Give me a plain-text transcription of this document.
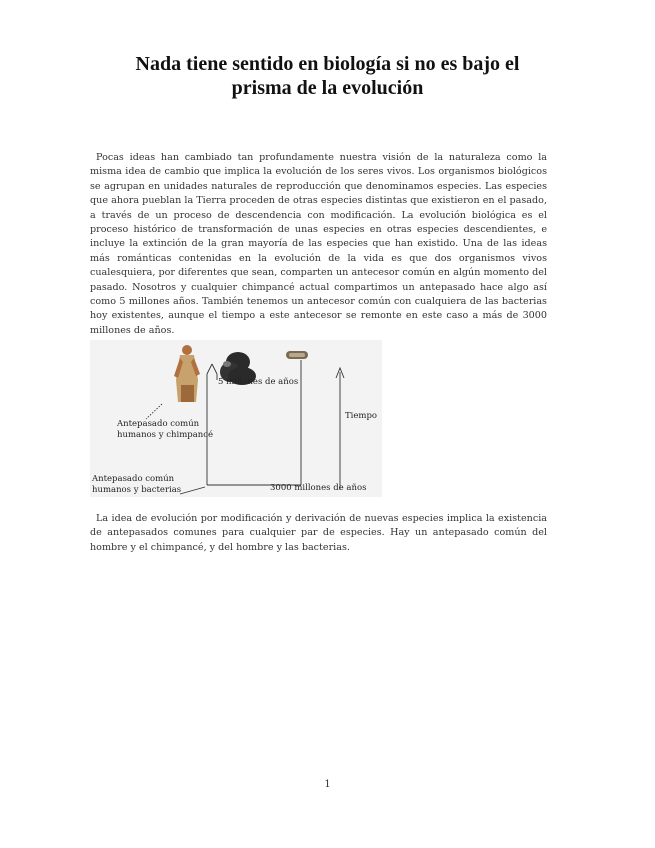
Nada tiene sentido en biología si no es bajo el
prisma de la evolución
Pocas ideas han cambiado tan profundamente nuestra visión de la naturaleza como la misma idea de cambio que implica la evolución de los seres vivos. Los organismos biológicos se agrupan en unidades naturales de reproducción que denominamos especies. Las especies que ahora pueblan la Tierra proceden de otras especies distintas que existieron en el pasado, a través de un proceso de descendencia con modificación. La evolución biológica es el proceso histórico de transformación de unas especies en otras especies descendientes, e incluye la extinción de la gran mayoría de las especies que han existido. Una de las ideas más románticas contenidas en la evolución de la vida es que dos organismos vivos cualesquiera, por diferentes que sean, comparten un antecesor común en algún momento del pasado. Nosotros y cualquier chimpancé actual compartimos un antepasado hace algo así como 5 millones años. También tenemos un antecesor común con cualquiera de las bacterias hoy existentes, aunque el tiempo a este antecesor se remonte en este caso a más de 3000 millones de años.
5 millones de años
Tiempo
Antepasado común
humanos y chimpancé
Antepasado común
humanos y bacterias	3000 millones de años
La idea de evolución por modificación y derivación de nuevas especies implica la existencia de antepasados comunes para cualquier par de especies. Hay un antepasado común del hombre y el chimpancé, y del hombre y las bacterias.
1
